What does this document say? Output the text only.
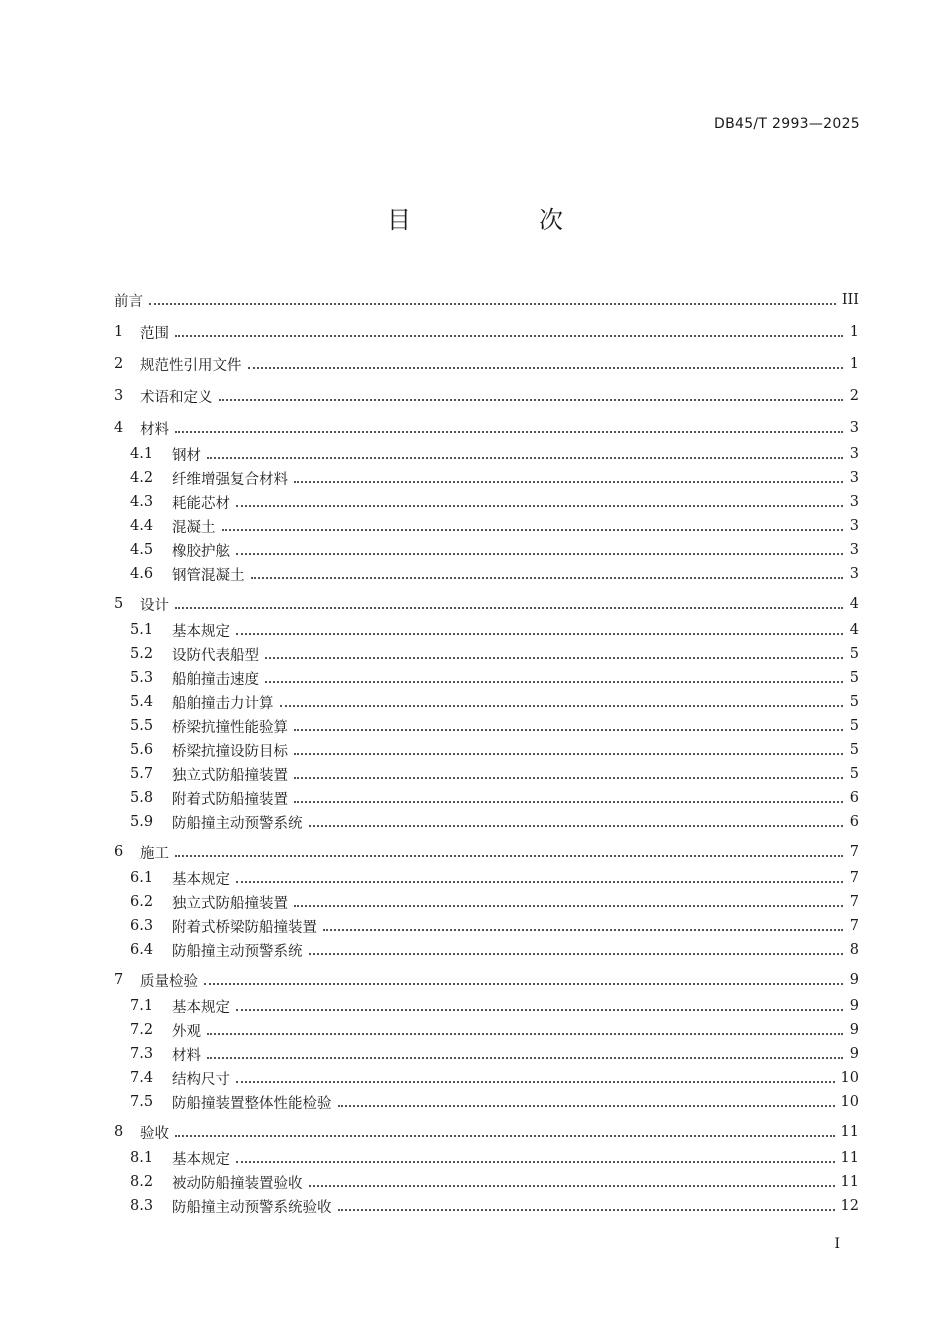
DB45/T 2993—2025
目　次
前言	III
1	范围	1
2	规范性引用文件	1
3	术语和定义	2
4	材料	3
4.1	钢材	3
4.2	纤维增强复合材料	3
4.3	耗能芯材	3
4.4	混凝土	3
4.5	橡胶护舷	3
4.6	钢管混凝土	3
5	设计	4
5.1	基本规定	4
5.2	设防代表船型	5
5.3	船舶撞击速度	5
5.4	船舶撞击力计算	5
5.5	桥梁抗撞性能验算	5
5.6	桥梁抗撞设防目标	5
5.7	独立式防船撞装置	5
5.8	附着式防船撞装置	6
5.9	防船撞主动预警系统	6
6	施工	7
6.1	基本规定	7
6.2	独立式防船撞装置	7
6.3	附着式桥梁防船撞装置	7
6.4	防船撞主动预警系统	8
7	质量检验	9
7.1	基本规定	9
7.2	外观	9
7.3	材料	9
7.4	结构尺寸	10
7.5	防船撞装置整体性能检验	10
8	验收	11
8.1	基本规定	11
8.2	被动防船撞装置验收	11
8.3	防船撞主动预警系统验收	12
I
